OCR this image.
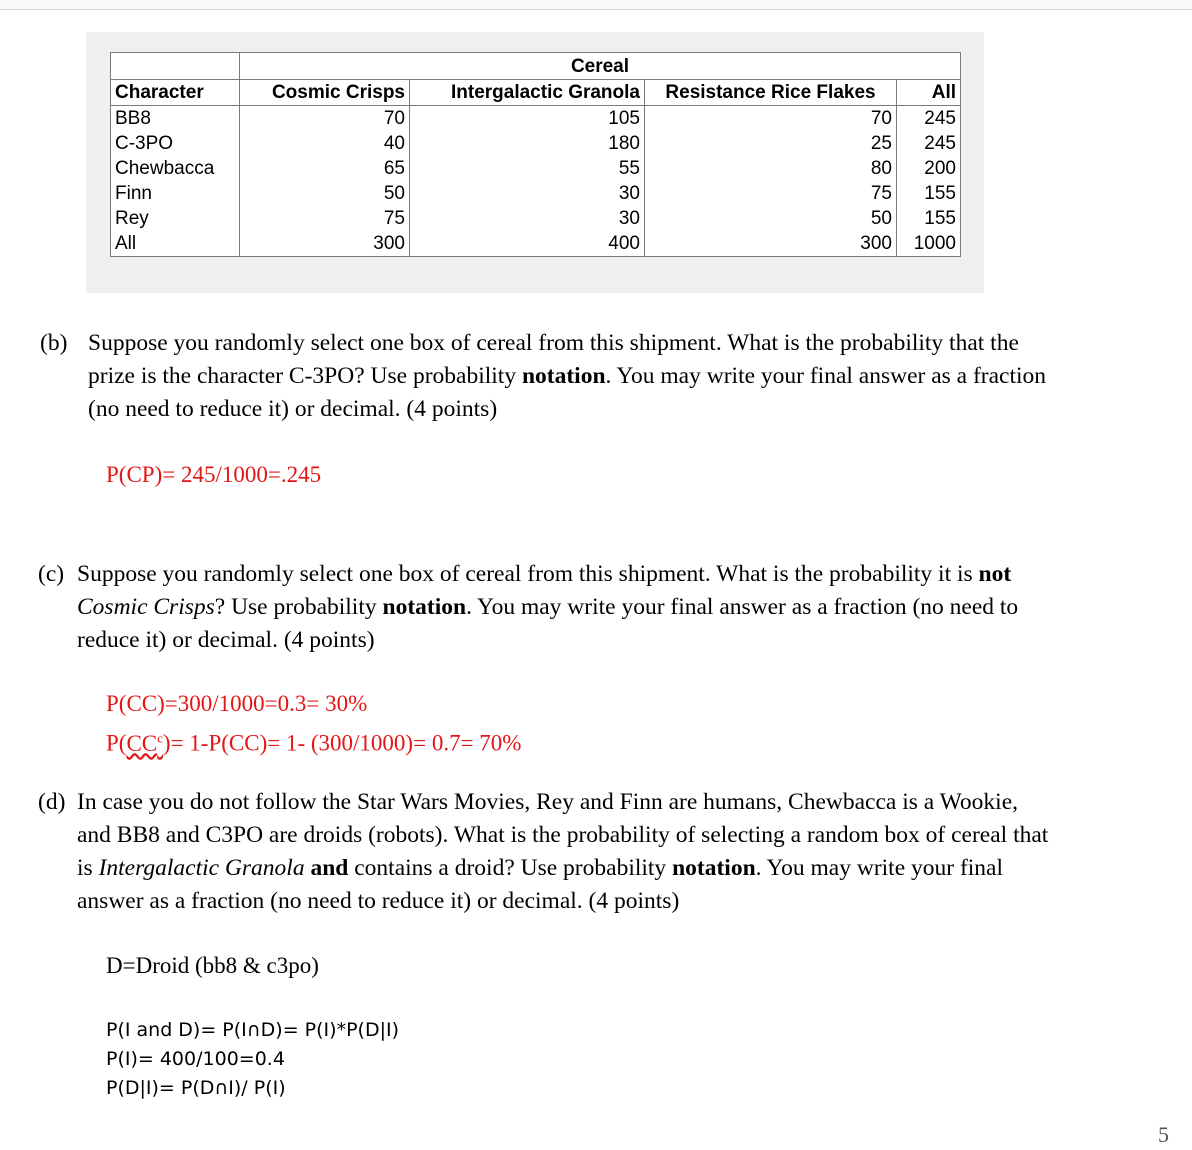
	Cereal			
Character	Cosmic Crisps	Intergalactic Granola	Resistance Rice Flakes	All
BB8	70	105	70	245
C-3PO	40	180	25	245
Chewbacca	65	55	80	200
Finn	50	30	75	155
Rey	75	30	50	155
All	300	400	300	1000
(b) Suppose you randomly select one box of cereal from this shipment. What is the probability that the
prize is the character C-3PO? Use probability notation. You may write your final answer as a fraction
(no need to reduce it) or decimal. (4 points)
P(CP)= 245/1000=.245
(c) Suppose you randomly select one box of cereal from this shipment. What is the probability it is not
Cosmic Crisps? Use probability notation. You may write your final answer as a fraction (no need to
reduce it) or decimal. (4 points)
P(CC)=300/1000=0.3= 30%
$P(CC^c)= 1-P(CC)= 1-$ (300/1000)= 0.7= 70%
(d) In case you do not follow the Star Wars Movies, Rey and Finn are humans, Chewbacca is a Wookie,
and BB8 and C3PO are droids (robots). What is the probability of selecting a random box of cereal that
is Intergalactic Granola and contains a droid? Use probability notation. You may write your final
answer as a fraction (no need to reduce it) or decimal. (4 points)
D=Droid (bb8 & c3po)
P(I and D)= P(I∩D)= P(I)*P(D|I)
P(I)= 400/100=0.4
P(D|I)= P(D∩I)/ P(I)
5
